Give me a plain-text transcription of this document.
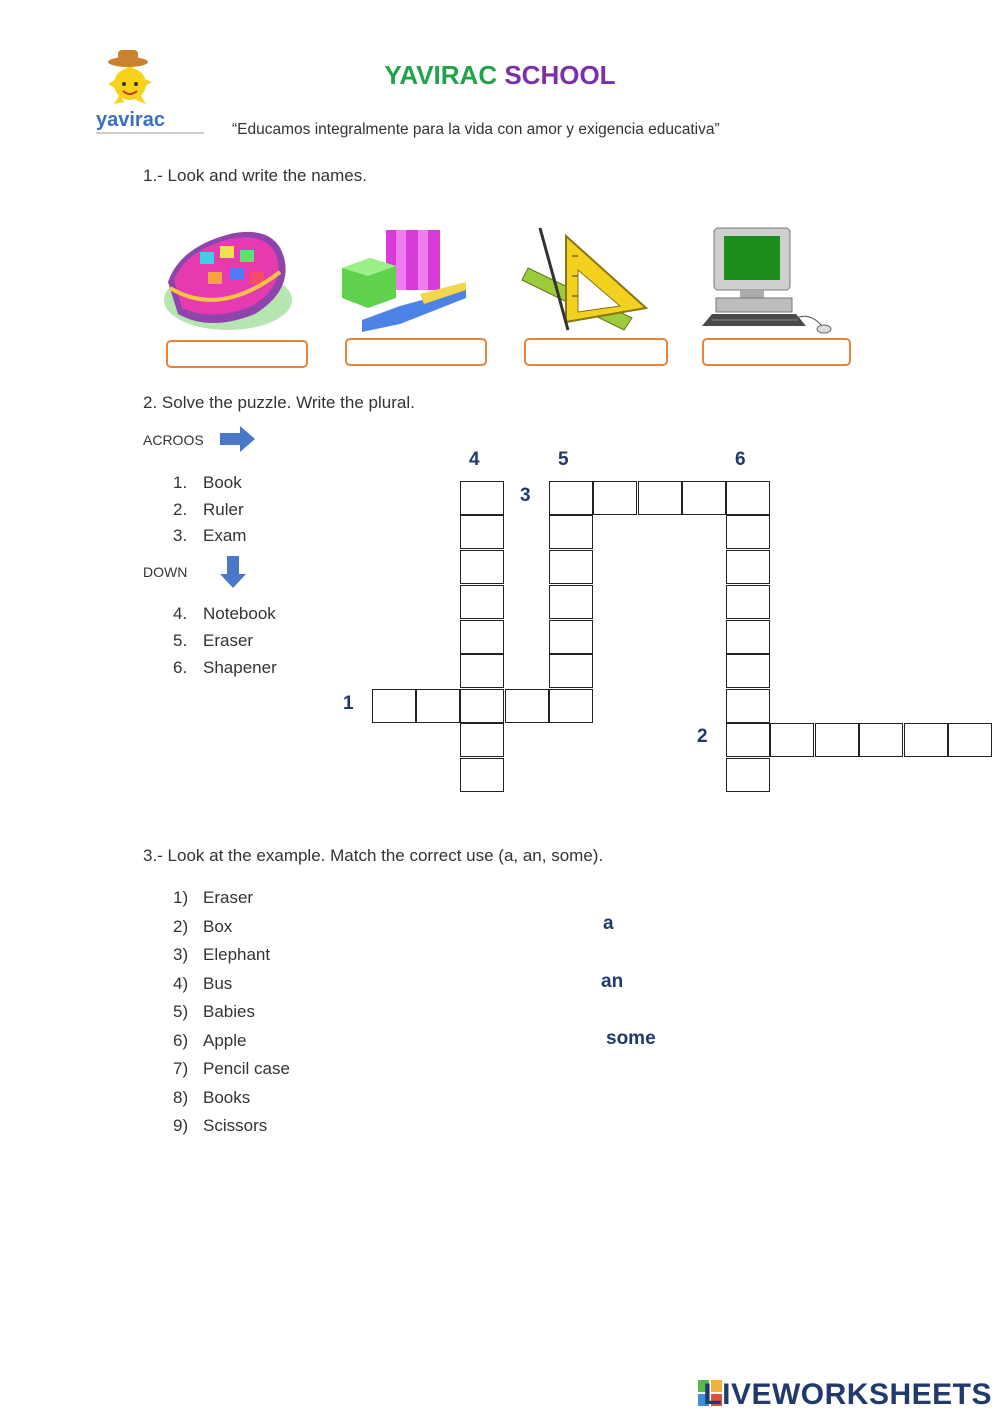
yavirac
YAVIRAC SCHOOL
“Educamos integralmente para la vida con amor y exigencia educativa”
1.- Look and write the names.
2. Solve the puzzle. Write the plural.
ACROOS
1. Book
2. Ruler
3. Exam
DOWN
4. Notebook
5. Eraser
6. Shapener
4	5	6
3
1
2
3.- Look at the example. Match the correct use (a, an, some).
1) Eraser
2) Box
3) Elephant
4) Bus
5) Babies
6) Apple
7) Pencil case
8) Books
9) Scissors
a
an
some
LIVEWORKSHEETS
